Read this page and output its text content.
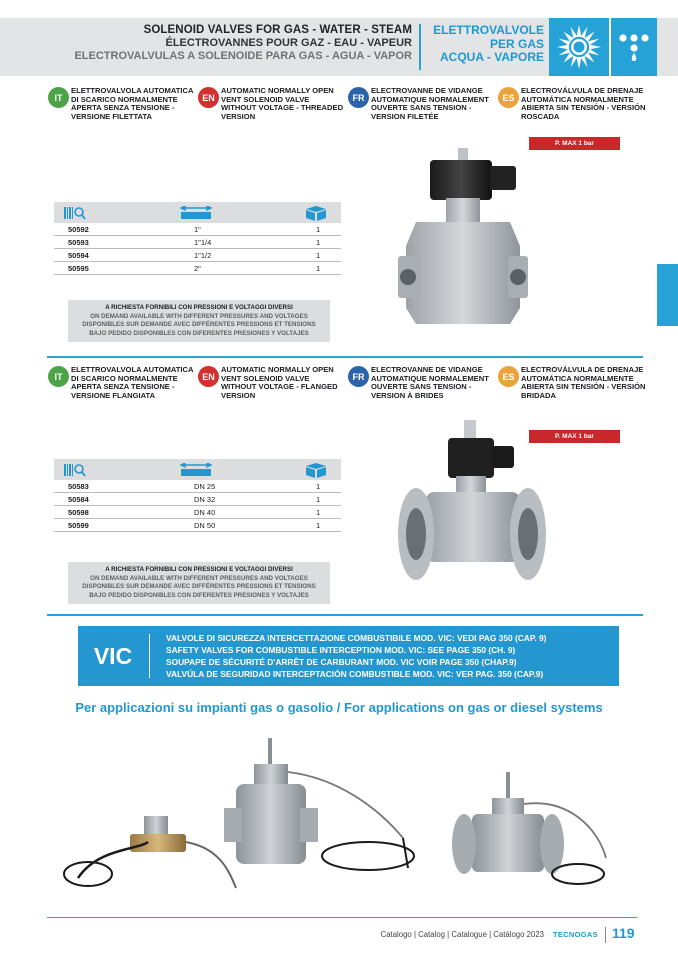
SOLENOID VALVES FOR GAS - WATER - STEAM
ÉLECTROVANNES POUR GAZ - EAU - VAPEUR
ELECTROVALVULAS A SOLENOIDE PARA GAS - AGUA - VAPOR
ELETTROVALVOLE
PER GAS
ACQUA - VAPORE
IT
ELETTROVALVOLA AUTOMATICA DI SCARICO NORMALMENTE APERTA SENZA TENSIONE - VERSIONE FILETTATA
EN
AUTOMATIC NORMALLY OPEN VENT SOLENOID VALVE WITHOUT VOLTAGE - THREADED VERSION
FR
ELECTROVANNE DE VIDANGE AUTOMATIQUE NORMALEMENT OUVERTE SANS TENSION - VERSION FILETÉE
ES
ELECTROVÁLVULA DE DRENAJE AUTOMÁTICA NORMALMENTE ABIERTA SIN TENSIÓN - VERSIÓN ROSCADA
P. MAX 1 bar
50592	1"	1
50593	1"1/4	1
50594	1"1/2	1
50595	2"	1
A RICHIESTA FORNIBILI CON PRESSIONI E VOLTAGGI DIVERSI
ON DEMAND AVAILABLE WITH DIFFERENT PRESSURES AND VOLTAGES
DISPONIBLES SUR DEMANDE AVEC DIFFÉRENTES PRESSIONS ET TENSIONS
BAJO PEDIDO DISPONIBLES CON DIFERENTES PRESIONES Y VOLTAJES
IT
ELETTROVALVOLA AUTOMATICA DI SCARICO NORMALMENTE APERTA SENZA TENSIONE - VERSIONE FLANGIATA
EN
AUTOMATIC NORMALLY OPEN VENT SOLENOID VALVE WITHOUT VOLTAGE - FLANGED VERSION
FR
ELECTROVANNE DE VIDANGE AUTOMATIQUE NORMALEMENT OUVERTE SANS TENSION - VERSION À BRIDES
ES
ELECTROVÁLVULA DE DRENAJE AUTOMÁTICA NORMALMENTE ABIERTA SIN TENSIÓN - VERSIÓN BRIDADA
P. MAX 1 bar
50583	DN 25	1
50584	DN 32	1
50598	DN 40	1
50599	DN 50	1
A RICHIESTA FORNIBILI CON PRESSIONI E VOLTAGGI DIVERSI
ON DEMAND AVAILABLE WITH DIFFERENT PRESSURES AND VOLTAGES
DISPONIBLES SUR DEMANDE AVEC DIFFÉRENTES PRESSIONS ET TENSIONS
BAJO PEDIDO DISPONIBLES CON DIFERENTES PRESIONES Y VOLTAJES
VIC
VALVOLE DI SICUREZZA INTERCETTAZIONE COMBUSTIBILE MOD. VIC: VEDI PAG 350 (CAP. 9)
SAFETY VALVES FOR COMBUSTIBLE INTERCEPTION MOD. VIC: SEE PAGE 350 (CH. 9)
SOUPAPE DE SÉCURITÉ D'ARRÊT DE CARBURANT MOD. VIC VOIR PAGE 350 (CHAP.9)
VALVÚLA DE SEGURIDAD INTERCEPTACIÓN COMBUSTIBLE MOD. VIC: VER PAG. 350 (CAP.9)
Per applicazioni su impianti gas o gasolio / For applications on gas or diesel systems
Catalogo | Catalog | Catalogue | Catálogo 2023 TECNOGAS 119
